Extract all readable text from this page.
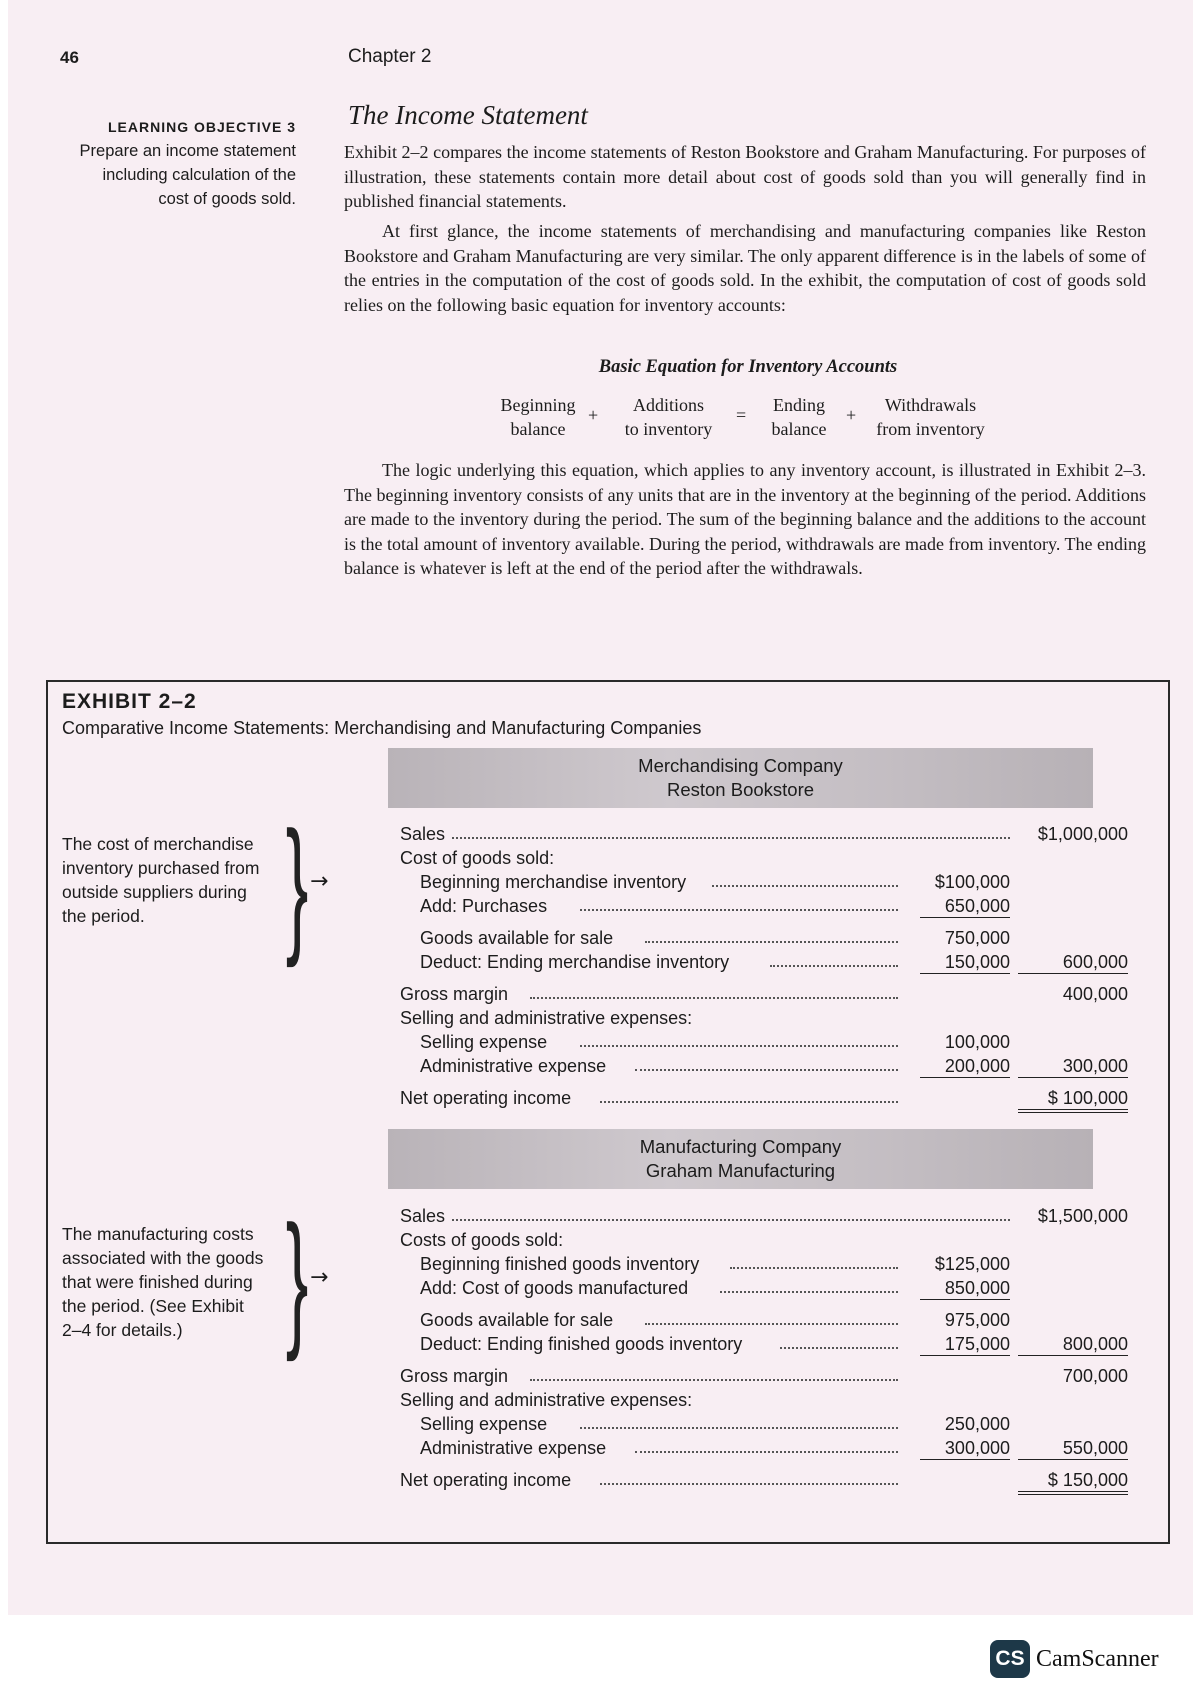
46	Chapter 2
LEARNING OBJECTIVE 3
Prepare an income statement including calculation of the cost of goods sold.
The Income Statement

Exhibit 2–2 compares the income statements of Reston Bookstore and Graham Manufacturing. For purposes of illustration, these statements contain more detail about cost of goods sold than you will generally find in published financial statements.

At first glance, the income statements of merchandising and manufacturing companies like Reston Bookstore and Graham Manufacturing are very similar. The only apparent difference is in the labels of some of the entries in the computation of the cost of goods sold. In the exhibit, the computation of cost of goods sold relies on the following basic equation for inventory accounts:

Basic Equation for Inventory Accounts
Beginning
balance
+	Additions
to inventory
=	Ending
balance
+	Withdrawals
from inventory

The logic underlying this equation, which applies to any inventory account, is illustrated in Exhibit 2–3. The beginning inventory consists of any units that are in the inventory at the beginning of the period. Additions are made to the inventory during the period. The sum of the beginning balance and the additions to the account is the total amount of inventory available. During the period, withdrawals are made from inventory. The ending balance is whatever is left at the end of the period after the withdrawals.

EXHIBIT 2–2
Comparative Income Statements: Merchandising and Manufacturing Companies
Merchandising Company
Reston Bookstore
The cost of merchandise inventory purchased from outside suppliers during the period. } →
Sales	$1,000,000
Cost of goods sold:
Beginning merchandise inventory	$100,000
Add: Purchases	650,000
Goods available for sale	750,000
Deduct: Ending merchandise inventory	150,000	600,000
Gross margin	400,000
Selling and administrative expenses:
Selling expense	100,000
Administrative expense	200,000	300,000
Net operating income	$ 100,000
Manufacturing Company
Graham Manufacturing
The manufacturing costs associated with the goods that were finished during the period. (See Exhibit 2–4 for details.) } →
Sales	$1,500,000
Costs of goods sold:
Beginning finished goods inventory	$125,000
Add: Cost of goods manufactured	850,000
Goods available for sale	975,000
Deduct: Ending finished goods inventory	175,000	800,000
Gross margin	700,000
Selling and administrative expenses:
Selling expense	250,000
Administrative expense	300,000	550,000
Net operating income	$ 150,000
CS CamScanner
